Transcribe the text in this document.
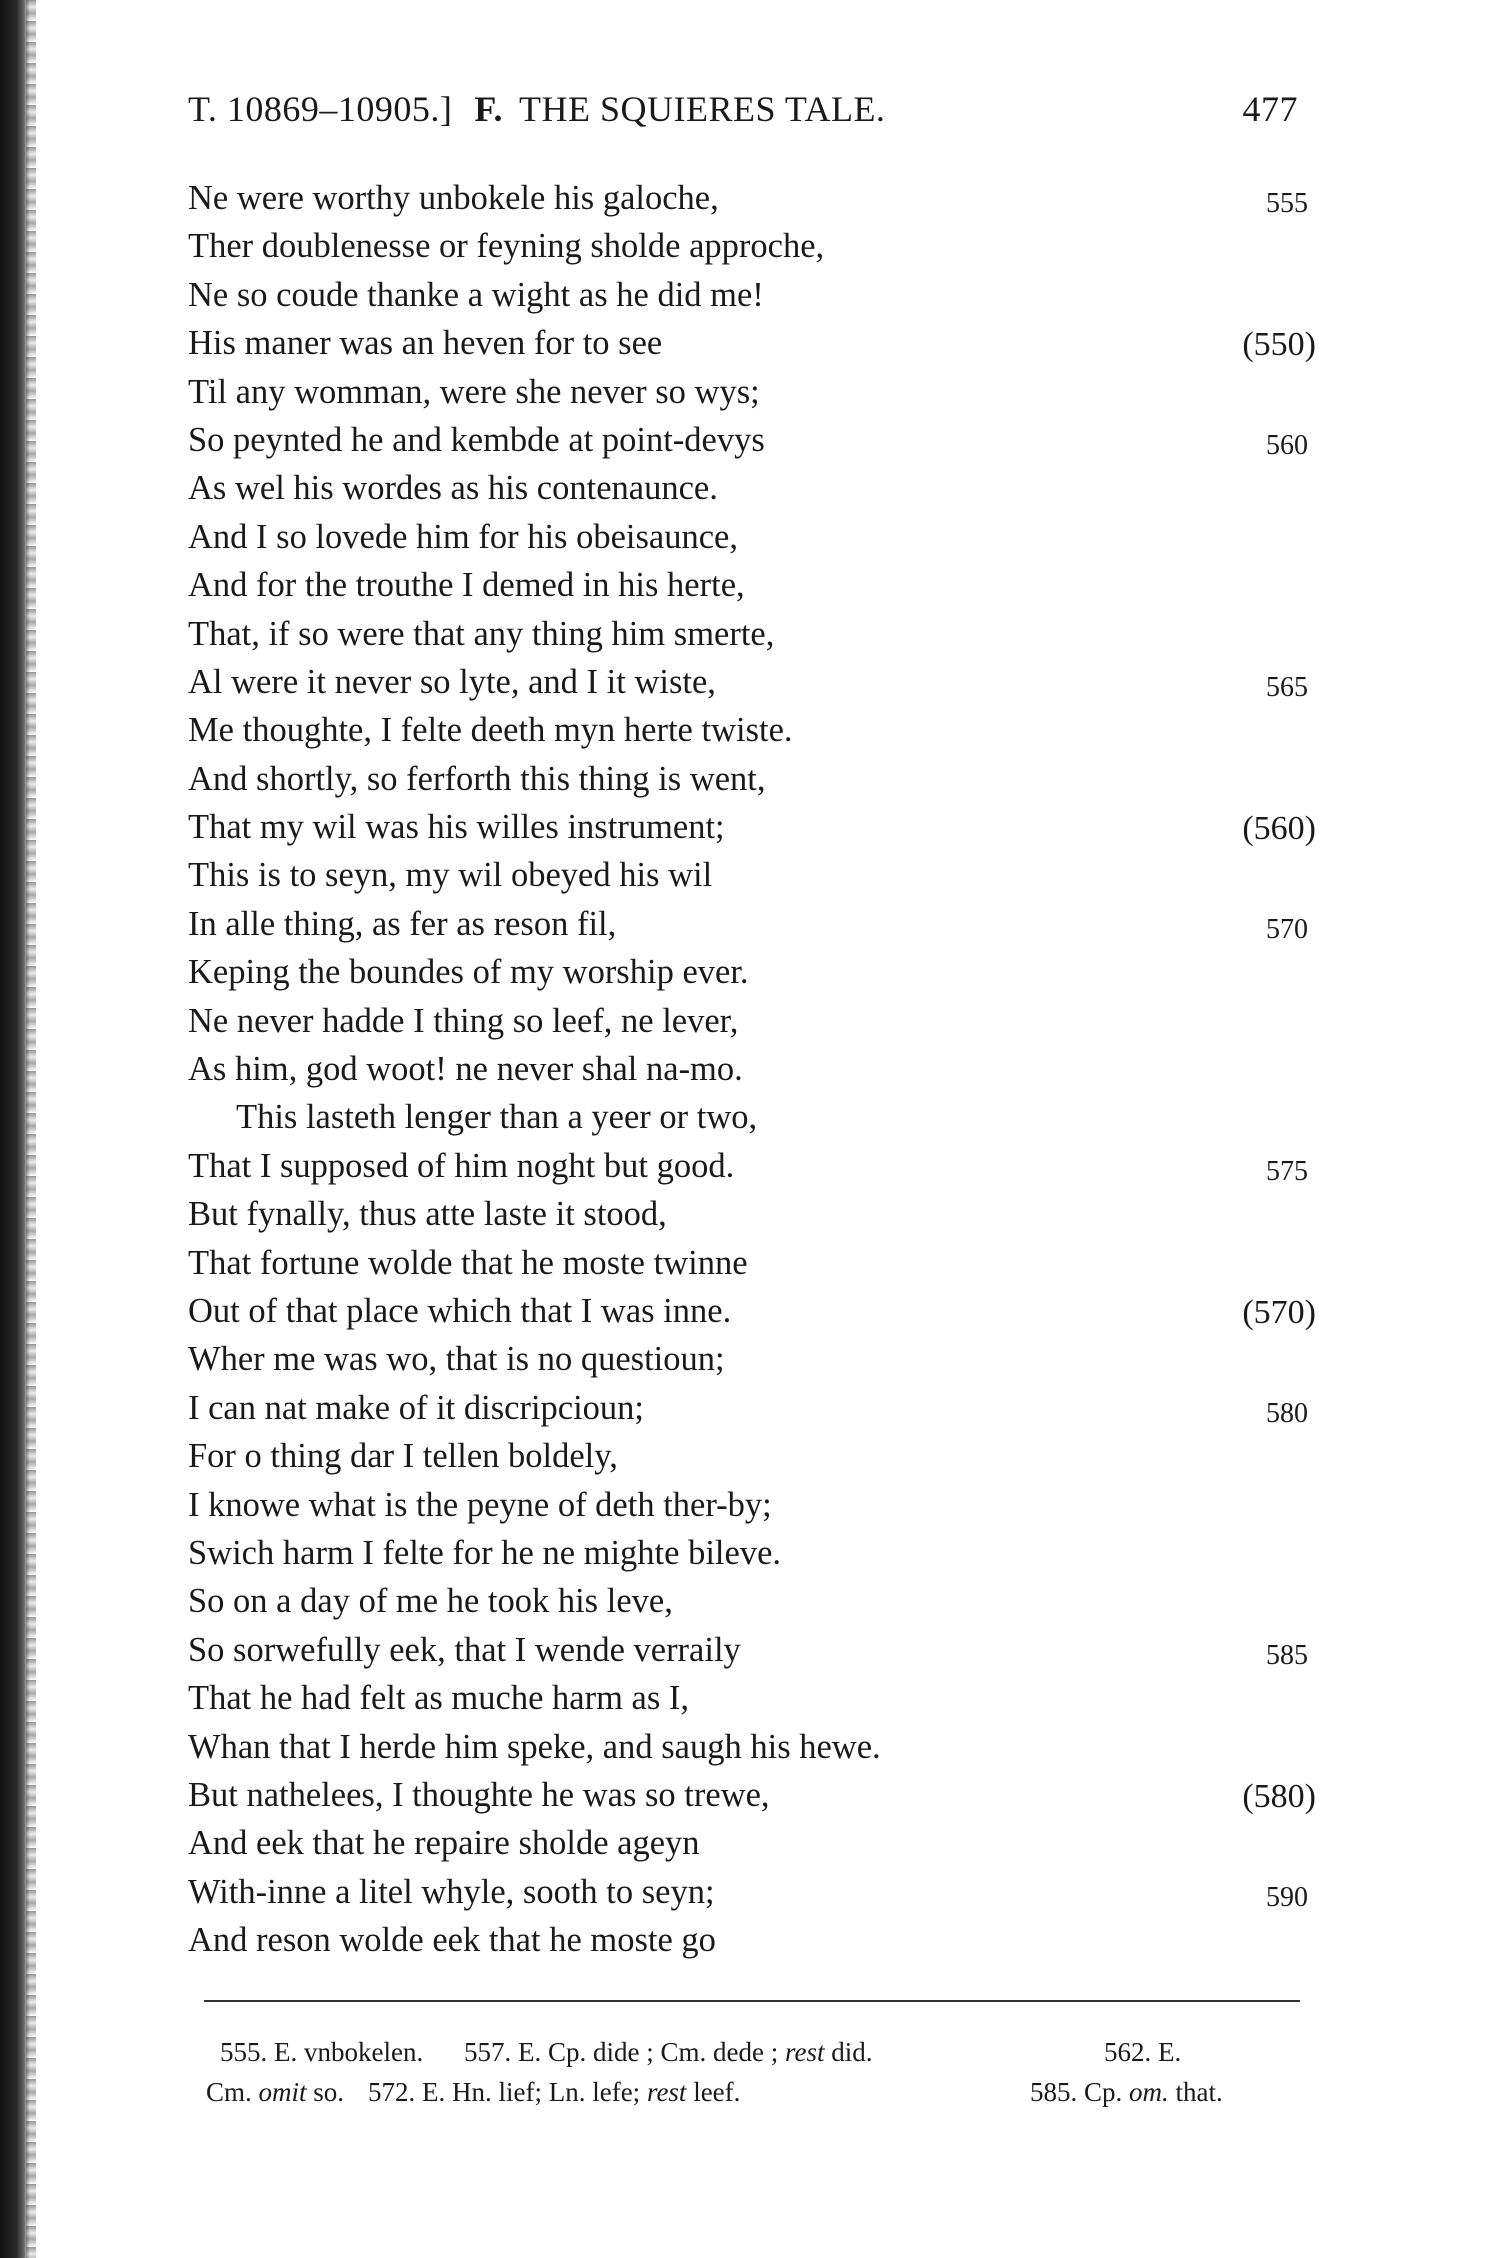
T. 10869–10905.] F. THE SQUIERES TALE.	477
Ne were worthy unbokele his galoche,	555
Ther doublenesse or feyning sholde approche,
Ne so coude thanke a wight as he did me!
His maner was an heven for to see	(550)
Til any womman, were she never so wys;
So peynted he and kembde at point-devys	560
As wel his wordes as his contenaunce.
And I so lovede him for his obeisaunce,
And for the trouthe I demed in his herte,
That, if so were that any thing him smerte,
Al were it never so lyte, and I it wiste,	565
Me thoughte, I felte deeth myn herte twiste.
And shortly, so ferforth this thing is went,
That my wil was his willes instrument;	(560)
This is to seyn, my wil obeyed his wil
In alle thing, as fer as reson fil,	570
Keping the boundes of my worship ever.
Ne never hadde I thing so leef, ne lever,
As him, god woot! ne never shal na-mo.
This lasteth lenger than a yeer or two,
That I supposed of him noght but good.	575
But fynally, thus atte laste it stood,
That fortune wolde that he moste twinne
Out of that place which that I was inne.	(570)
Wher me was wo, that is no questioun;
I can nat make of it discripcioun;	580
For o thing dar I tellen boldely,
I knowe what is the peyne of deth ther-by;
Swich harm I felte for he ne mighte bileve.
So on a day of me he took his leve,
So sorwefully eek, that I wende verraily	585
That he had felt as muche harm as I,
Whan that I herde him speke, and saugh his hewe.
But nathelees, I thoughte he was so trewe,	(580)
And eek that he repaire sholde ageyn
With-inne a litel whyle, sooth to seyn;	590
And reson wolde eek that he moste go
555. E. vnbokelen. 557. E. Cp. dide ; Cm. dede ; rest did.	562. E.
Cm. omit so. 572. E. Hn. lief; Ln. lefe; rest leef.	585. Cp. om. that.
